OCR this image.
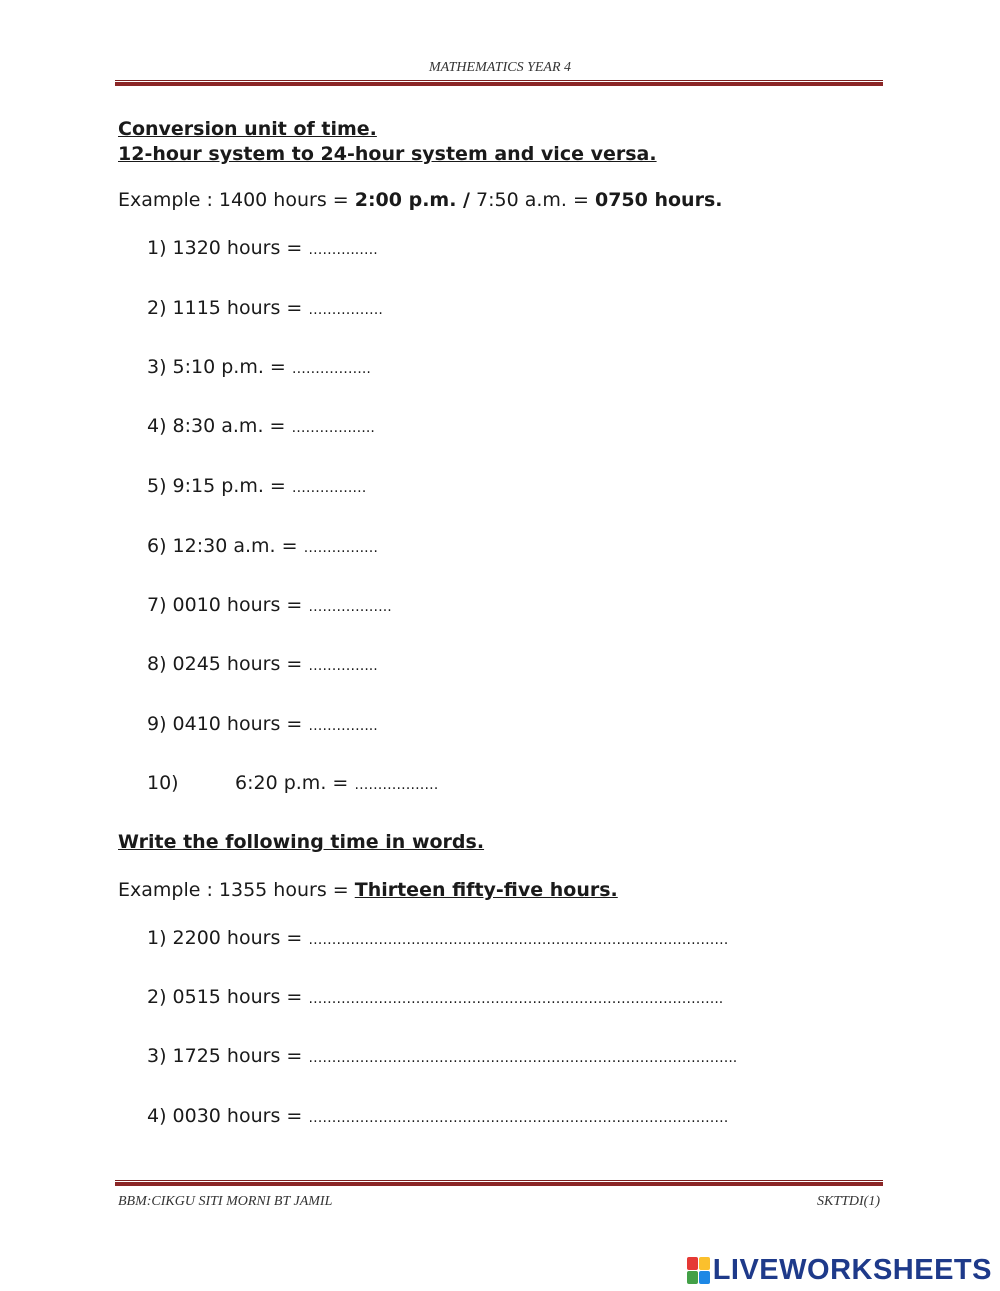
MATHEMATICS YEAR 4
Conversion unit of time.
12-hour system to 24-hour system and vice versa.
Example : 1400 hours = 2:00 p.m. / 7:50 a.m. = 0750 hours.
1) 1320 hours = ………..….
2) 1115 hours = …………….
3) 5:10 p.m. = ……………..
4) 8:30 a.m. = ………….…..
5) 9:15 p.m. = ………….…
6) 12:30 a.m. = ………….…
7) 0010 hours = ………….…..
8) 0245 hours = …………...
9) 0410 hours = …………...
10)	6:20 p.m. = ………………
Write the following time in words.
Example : 1355 hours = Thirteen fifty-five hours.
1) 2200 hours = ………………………………………………………………………………
2) 0515 hours = ……………………………………………………………………………..
3) 1725 hours = ………………………………………………………………………………..
4) 0030 hours = ………………………………………………………………………………
BBM:CIKGU SITI MORNI BT JAMIL	SKTTDI(1)
LIVEWORKSHEETS
